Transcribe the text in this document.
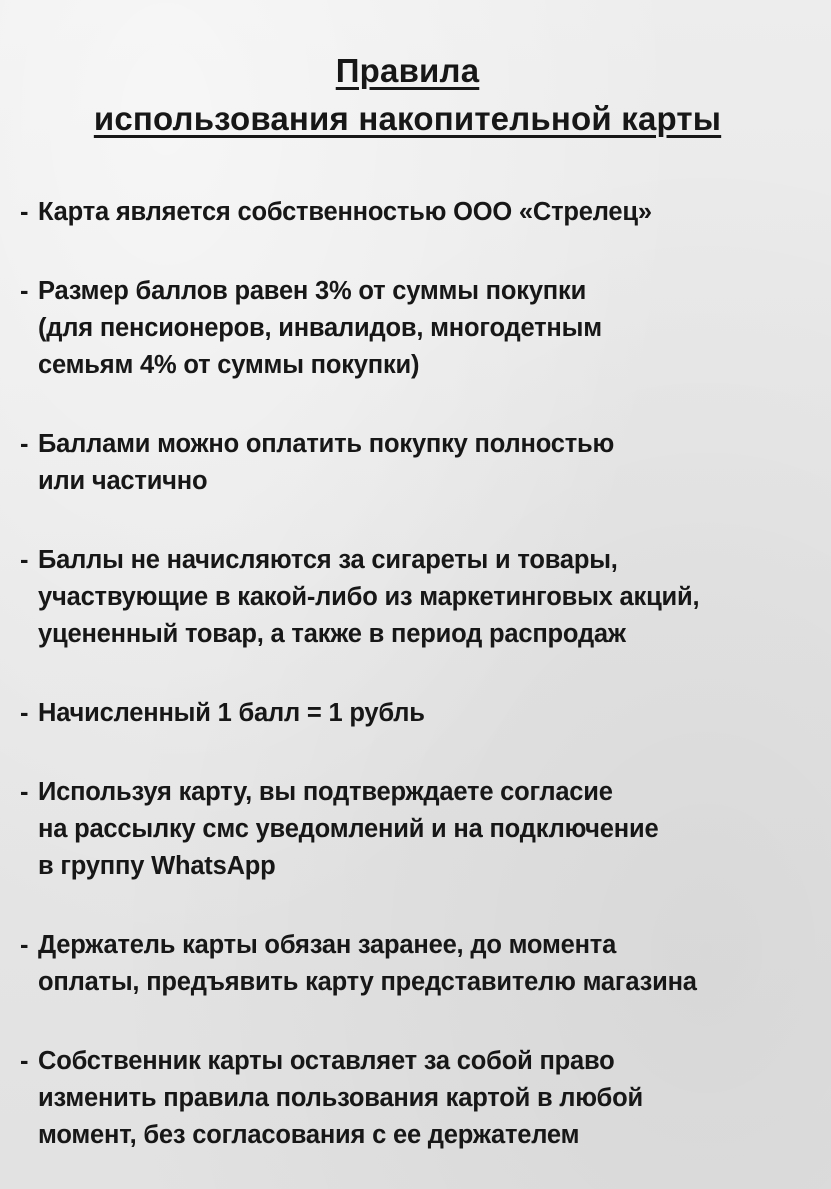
Правила
использования накопительной карты
- Карта является собственностью ООО «Стрелец»
- Размер баллов равен 3% от суммы покупки
(для пенсионеров, инвалидов, многодетным
семьям 4% от суммы покупки)
- Баллами можно оплатить покупку полностью
или частично
- Баллы не начисляются за сигареты и товары,
участвующие в какой-либо из маркетинговых акций,
уцененный товар, а также в период распродаж
- Начисленный 1 балл = 1 рубль
- Используя карту, вы подтверждаете согласие
на рассылку смс уведомлений и на подключение
в группу WhatsApp
- Держатель карты обязан заранее, до момента
оплаты, предъявить карту представителю магазина
- Собственник карты оставляет за собой право
изменить правила пользования картой в любой
момент, без согласования с ее держателем
